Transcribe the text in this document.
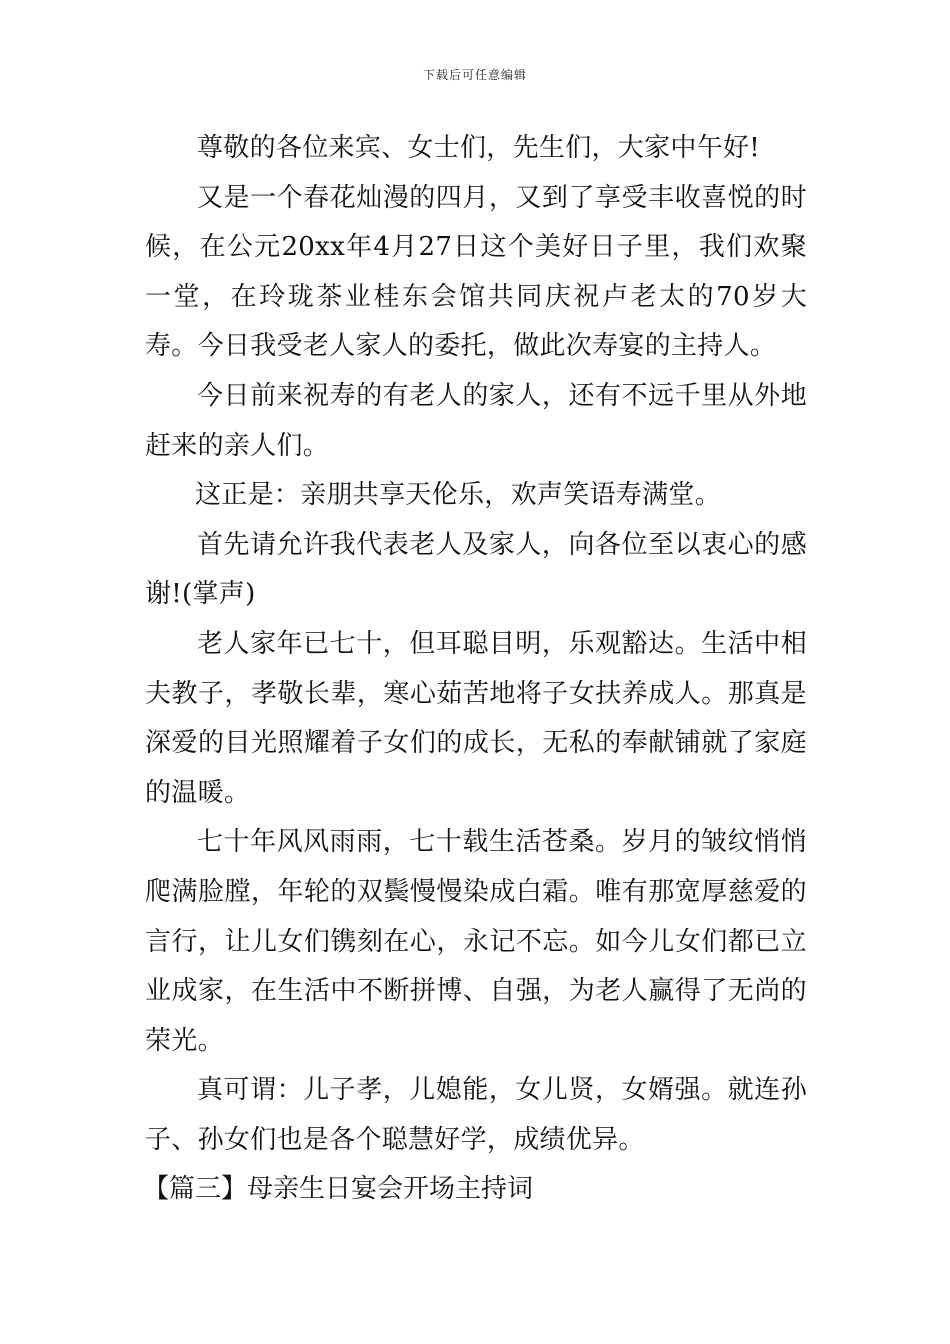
下载后可任意编辑

尊敬的各位来宾、女士们，先生们，大家中午好!

又是一个春花灿漫的四月，又到了享受丰收喜悦的时候，在公元20xx年4月27日这个美好日子里，我们欢聚一堂，在玲珑茶业桂东会馆共同庆祝卢老太的70岁大寿。今日我受老人家人的委托，做此次寿宴的主持人。

今日前来祝寿的有老人的家人，还有不远千里从外地赶来的亲人们。

这正是：亲朋共享天伦乐，欢声笑语寿满堂。

首先请允许我代表老人及家人，向各位至以衷心的感谢!(掌声)

老人家年已七十，但耳聪目明，乐观豁达。生活中相夫教子，孝敬长辈，寒心茹苦地将子女扶养成人。那真是深爱的目光照耀着子女们的成长，无私的奉献铺就了家庭的温暖。

七十年风风雨雨，七十载生活苍桑。岁月的皱纹悄悄爬满脸膛，年轮的双鬓慢慢染成白霜。唯有那宽厚慈爱的言行，让儿女们镌刻在心，永记不忘。如今儿女们都已立业成家，在生活中不断拼博、自强，为老人赢得了无尚的荣光。

真可谓：儿子孝，儿媳能，女儿贤，女婿强。就连孙子、孙女们也是各个聪慧好学，成绩优异。

【篇三】母亲生日宴会开场主持词
